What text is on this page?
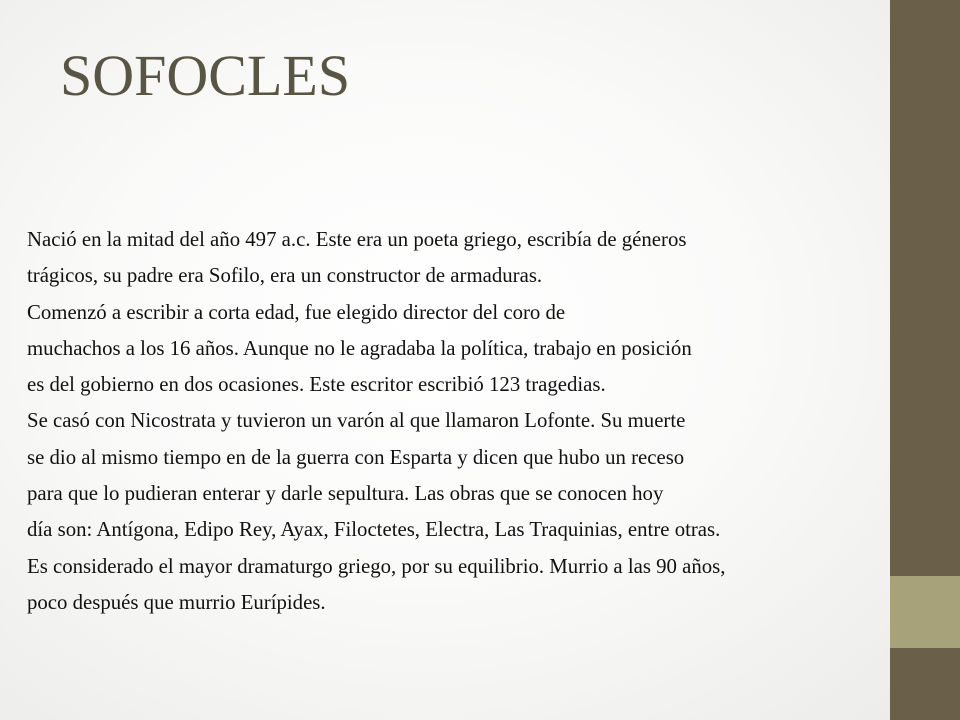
SOFOCLES
Nació en la mitad del año 497 a.c. Este era un poeta griego, escribía de géneros
trágicos, su padre era Sofilo, era un constructor de armaduras.
Comenzó a escribir a corta edad, fue elegido director del coro de
muchachos a los 16 años. Aunque no le agradaba la política, trabajo en posición
es del gobierno en dos ocasiones. Este escritor escribió 123 tragedias.
Se casó con Nicostrata y tuvieron un varón al que llamaron Lofonte. Su muerte
se dio al mismo tiempo en de la guerra con Esparta y dicen que hubo un receso
para que lo pudieran enterar y darle sepultura. Las obras que se conocen hoy
día son: Antígona, Edipo Rey, Ayax, Filoctetes, Electra, Las Traquinias, entre otras.
Es considerado el mayor dramaturgo griego, por su equilibrio. Murrio a las 90 años,
poco después que murrio Eurípides.
